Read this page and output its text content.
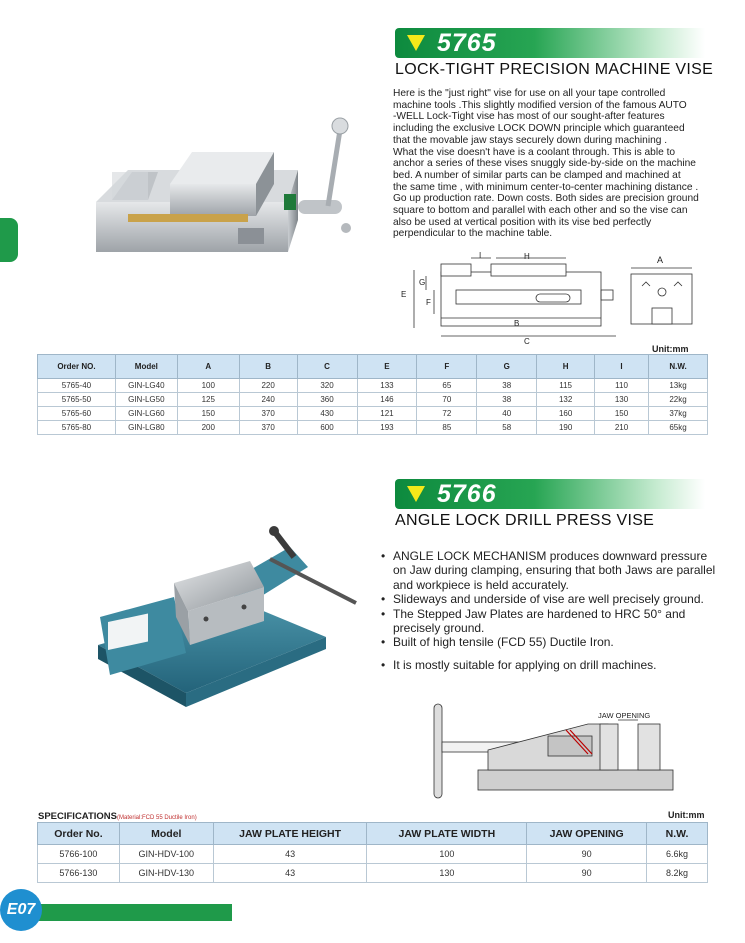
5765
LOCK-TIGHT PRECISION MACHINE VISE
Here is the "just right" vise for use on all your tape controlled
machine tools .This slightly modified version of the famous AUTO
-WELL Lock-Tight vise has most of our sought-after features
including the exclusive LOCK DOWN principle which guaranteed
that the movable jaw stays securely down during machining .
What the vise doesn't have is a coolant through. This is able to
anchor a series of these vises snuggly side-by-side on the machine
bed. A number of similar parts can be clamped and machined at
the same time , with minimum center-to-center machining distance .
Go up production rate. Down costs. Both sides are precision ground
square to bottom and parallel with each other and so the vise can
also be used at vertical position with its vise bed perfectly
perpendicular to the machine table.
I	H
G
E
F
B
C
A
Unit:mm
Order NO.	Model	A	B	C	E	F	G	H	I	N.W.
5765-40	GIN-LG40	100	220	320	133	65	38	115	110	13kg
5765-50	GIN-LG50	125	240	360	146	70	38	132	130	22kg
5765-60	GIN-LG60	150	370	430	121	72	40	160	150	37kg
5765-80	GIN-LG80	200	370	600	193	85	58	190	210	65kg
5766
ANGLE LOCK DRILL PRESS VISE
• ANGLE LOCK MECHANISM produces downward pressure on Jaw during clamping, ensuring that both Jaws are parallel and workpiece is held accurately.
• Slideways and underside of vise are well precisely ground.
• The Stepped Jaw Plates are hardened to HRC 50° and precisely ground.
• Built of high tensile (FCD 55) Ductile Iron.
• It is mostly suitable for applying on drill machines.
JAW OPENING
SPECIFICATIONS(Material:FCD 55 Ductile Iron)	Unit:mm
Order No.	Model	JAW PLATE HEIGHT	JAW PLATE WIDTH	JAW OPENING	N.W.
5766-100	GIN-HDV-100	43	100	90	6.6kg
5766-130	GIN-HDV-130	43	130	90	8.2kg
E07
